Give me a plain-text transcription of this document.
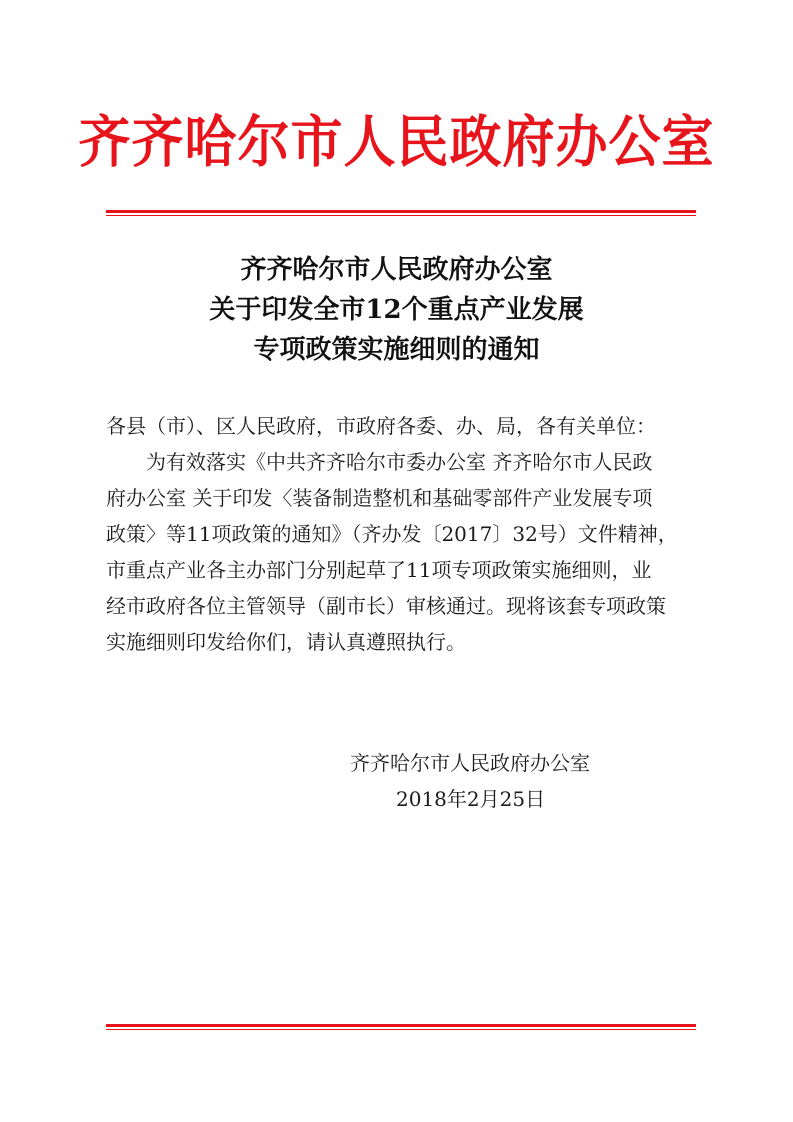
齐齐哈尔市人民政府办公室
齐齐哈尔市人民政府办公室
关于印发全市12个重点产业发展
专项政策实施细则的通知
各县（市）、区人民政府，市政府各委、办、局，各有关单位：
为有效落实《中共齐齐哈尔市委办公室 齐齐哈尔市人民政
府办公室 关于印发〈装备制造整机和基础零部件产业发展专项
政策〉等11项政策的通知》（齐办发〔2017〕32号）文件精神，
市重点产业各主办部门分别起草了11项专项政策实施细则，业
经市政府各位主管领导（副市长）审核通过。现将该套专项政策
实施细则印发给你们，请认真遵照执行。
齐齐哈尔市人民政府办公室
2018年2月25日
